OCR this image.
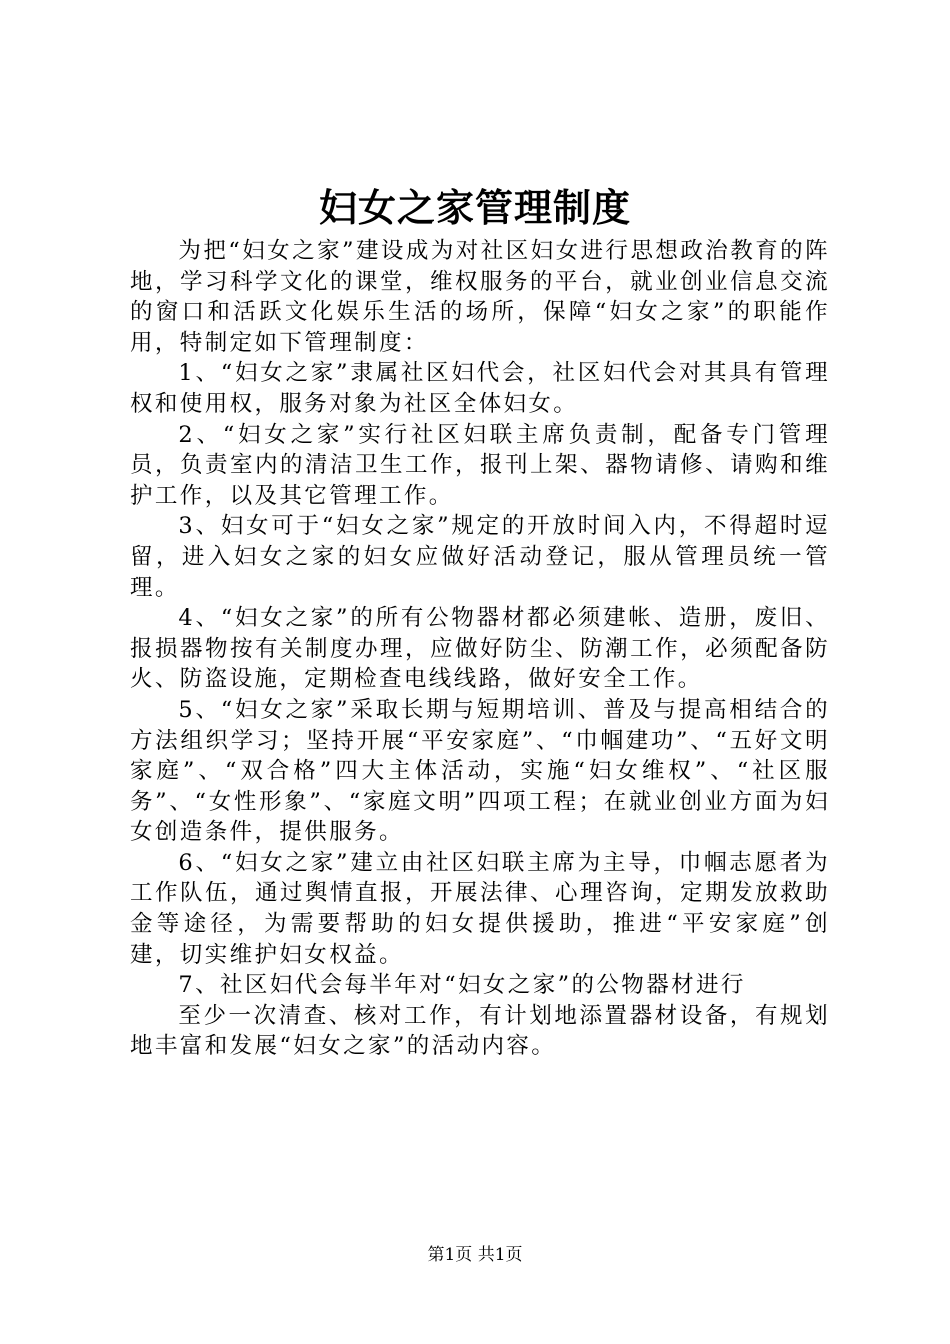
妇女之家管理制度

为把“妇女之家”建设成为对社区妇女进行思想政治教育的阵地，学习科学文化的课堂，维权服务的平台，就业创业信息交流的窗口和活跃文化娱乐生活的场所，保障“妇女之家”的职能作用，特制定如下管理制度：

1、“妇女之家”隶属社区妇代会，社区妇代会对其具有管理权和使用权，服务对象为社区全体妇女。

2、“妇女之家”实行社区妇联主席负责制，配备专门管理员，负责室内的清洁卫生工作，报刊上架、器物请修、请购和维护工作，以及其它管理工作。

3、妇女可于“妇女之家”规定的开放时间入内，不得超时逗留，进入妇女之家的妇女应做好活动登记，服从管理员统一管理。

4、“妇女之家”的所有公物器材都必须建帐、造册，废旧、报损器物按有关制度办理，应做好防尘、防潮工作，必须配备防火、防盗设施，定期检查电线线路，做好安全工作。

5、“妇女之家”采取长期与短期培训、普及与提高相结合的方法组织学习；坚持开展“平安家庭”、“巾帼建功”、“五好文明家庭”、“双合格”四大主体活动，实施“妇女维权”、“社区服务”、“女性形象”、“家庭文明”四项工程；在就业创业方面为妇女创造条件，提供服务。

6、“妇女之家”建立由社区妇联主席为主导，巾帼志愿者为工作队伍，通过舆情直报，开展法律、心理咨询，定期发放救助金等途径，为需要帮助的妇女提供援助，推进“平安家庭”创建，切实维护妇女权益。

7、社区妇代会每半年对“妇女之家”的公物器材进行

至少一次清查、核对工作，有计划地添置器材设备，有规划地丰富和发展“妇女之家”的活动内容。

第1页 共1页
